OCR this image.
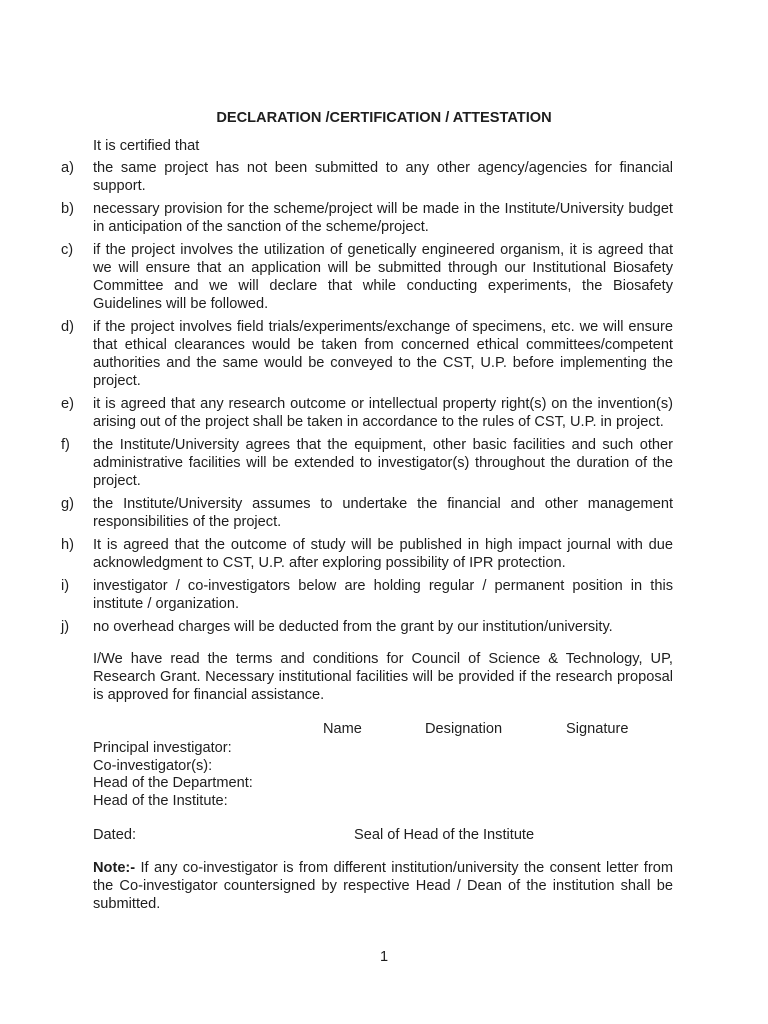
DECLARATION /CERTIFICATION / ATTESTATION
It is certified that
a)	the same project has not been submitted to any other agency/agencies for financial support.
b)	necessary provision for the scheme/project will be made in the Institute/University budget in anticipation of the sanction of the scheme/project.
c)	if the project involves the utilization of genetically engineered organism, it is agreed that we will ensure that an application will be submitted through our Institutional Biosafety Committee and we will declare that while conducting experiments, the Biosafety Guidelines will be followed.
d)	if the project involves field trials/experiments/exchange of specimens, etc. we will ensure that ethical clearances would be taken from concerned ethical committees/competent authorities and the same would be conveyed to the CST, U.P. before implementing the project.
e)	it is agreed that any research outcome or intellectual property right(s) on the invention(s) arising out of the project shall be taken in accordance to the rules of CST, U.P. in project.
f)	the Institute/University agrees that the equipment, other basic facilities and such other administrative facilities will be extended to investigator(s) throughout the duration of the project.
g)	the Institute/University assumes to undertake the financial and other management responsibilities of the project.
h)	It is agreed that the outcome of study will be published in high impact journal with due acknowledgment to CST, U.P. after exploring possibility of IPR protection.
i)	investigator / co-investigators below are holding regular / permanent position in this institute / organization.
j)	no overhead charges will be deducted from the grant by our institution/university.
I/We have read the terms and conditions for Council of Science & Technology, UP, Research Grant. Necessary institutional facilities will be provided if the research proposal is approved for financial assistance.
Name	Designation	Signature
Principal investigator:
Co-investigator(s):
Head of the Department:
Head of the Institute:
Dated:	Seal of Head of the Institute
Note:- If any co-investigator is from different institution/university the consent letter from the Co-investigator countersigned by respective Head / Dean of the institution shall be submitted.
1
